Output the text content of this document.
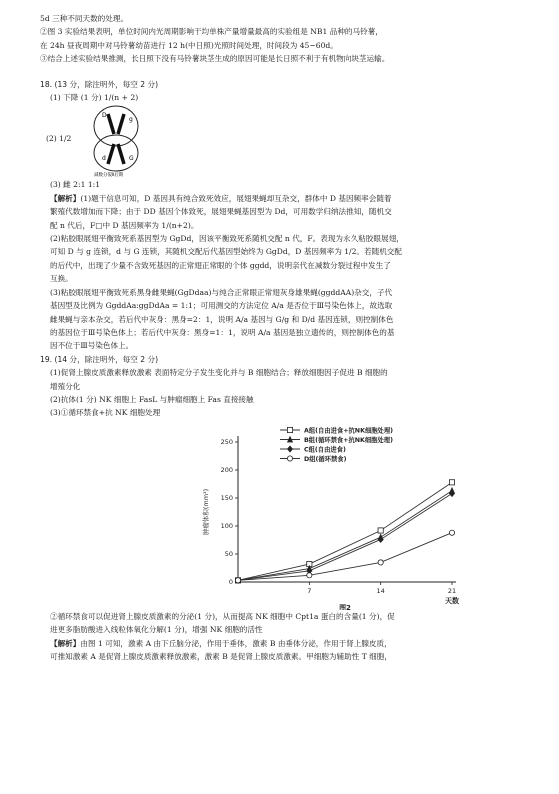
5d 三种不同天数的处理。
②图 3 实验结果表明，单位时间内光周期影响干均单株产量增量最高的实验组是 NB1 品种的马铃薯，
在 24h 昼夜周期中对马铃薯幼苗进行 12 h(中日照)光照时间处理，时间段为 45~60d。
③结合上述实验结果推测，长日照下没有马铃薯块茎生成的原因可能是长日照不利于有机物向块茎运输。
18. (13 分，除注明外，每空 2 分)
(1) 下降 (1 分) 1/(n + 2)
D
g
d	G
减数分裂Ⅱ后期
(2) 1/2
(3) 雌 2:1 1:1
【解析】(1)题干信息可知，D 基因具有纯合致死效应，展翅果蝇却互杂交，群体中 D 基因频率会随着
繁殖代数增加而下降；由于 DD 基因个体致死，展翅果蝇基因型为 Dd，可用数学归纳法推知，随机交
配 n 代后，F□中 D 基因频率为 1/(n+2)。
(2)粘胶眼展翅平衡致死系基因型为 GgDd，因该平衡致死系随机交配 n 代，F。表现为永久粘胶眼展翅，
可知 D 与 g 连锁，d 与 G 连锁，其随机交配后代基因型始终为 GgDd，D 基因频率为 1/2。若随机交配
的后代中，出现了少量不含致死基因的正常翅正常眼的个体 ggdd，说明亲代在减数分裂过程中发生了
互换。
(3)粘胶眼展翅平衡致死系黑身雌果蝇(GgDdaa)与纯合正常眼正常翅灰身雄果蝇(ggddAA)杂交，子代
基因型及比例为 GgddAa:ggDdAa = 1:1；可用测交的方法定位 A/a 是否位于Ⅲ号染色体上，故选取
雌果蝇与亲本杂交，若后代中灰身：黑身=2：1，说明 A/a 基因与 G/g 和 D/d 基因连锁，则控制体色
的基因位于Ⅲ号染色体上；若后代中灰身：黑身=1：1，说明 A/a 基因是独立遗传的，则控制体色的基
因不位于Ⅲ号染色体上。
19. (14 分，除注明外，每空 2 分)
(1)促肾上腺皮质激素释放激素 表面特定分子发生变化并与 B 细胞结合；释放细胞因子促进 B 细胞的
增殖分化
(2)抗体(1 分) NK 细胞上 FasL 与肿瘤细胞上 Fas 直接接触
(3)①循环禁食+抗 NK 细胞处理
0
50
100
150
200
250
7	14	21
天数
肿瘤体积(mm³)
图2
A组(自由进食+抗NK细胞处理)
B组(循环禁食+抗NK细胞处理)
C组(自由进食)
D组(循环禁食)
②循环禁食可以促进肾上腺皮质激素的分泌(1 分)，从而提高 NK 细胞中 Cpt1a 蛋白的含量(1 分)，促
进更多脂肪酸进入线粒体氧化分解(1 分)，增强 NK 细胞的活性
【解析】由图 1 可知，激素 A 由下丘脑分泌，作用于垂体，激素 B 由垂体分泌，作用于肾上腺皮质，
可推知激素 A 是促肾上腺皮质激素释放激素，激素 B 是促肾上腺皮质激素。甲细胞为辅助性 T 细胞，
